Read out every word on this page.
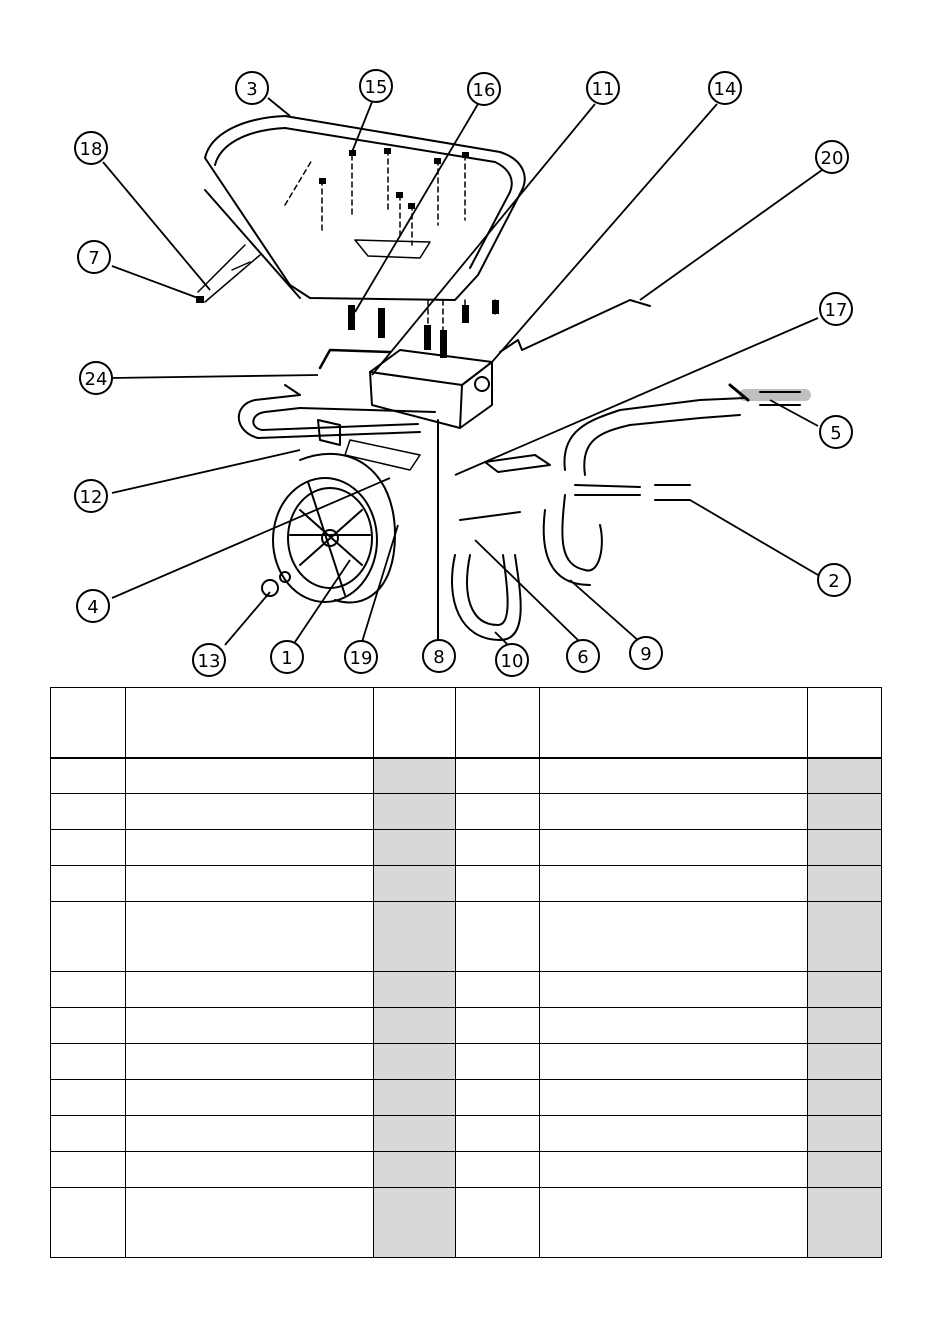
3	15	16	11	14
20
18
7
24
17
5
12
2
4
13	1	19	8	10	6	9
